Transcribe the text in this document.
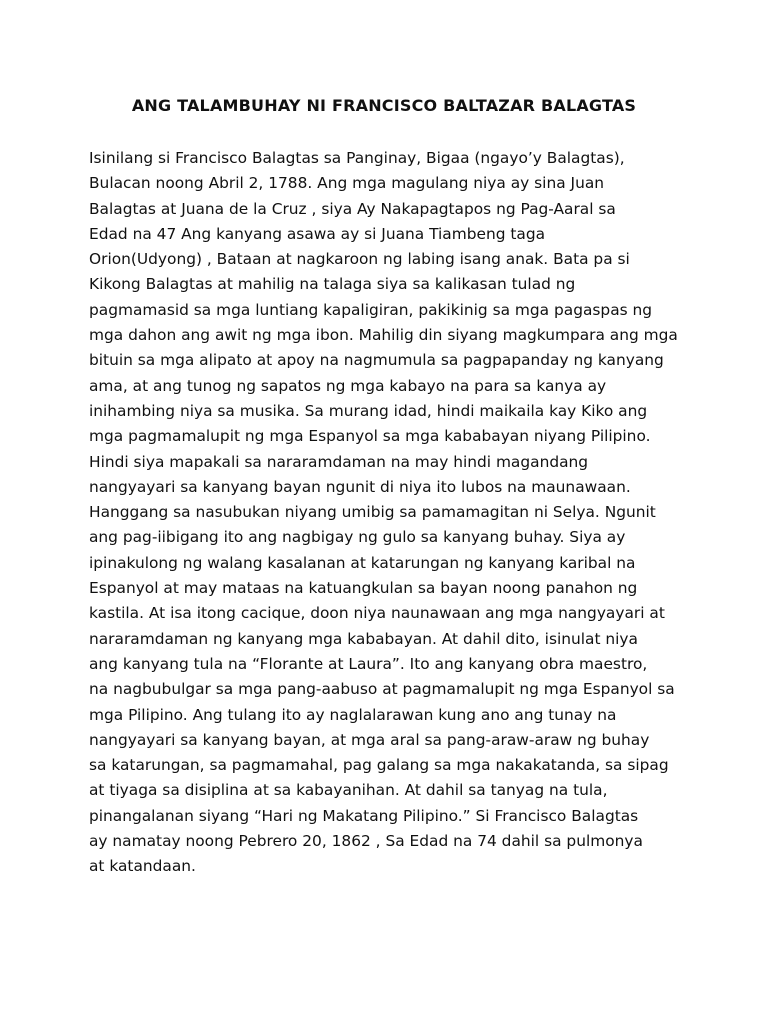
ANG TALAMBUHAY NI FRANCISCO BALTAZAR BALAGTAS
Isinilang si Francisco Balagtas sa Panginay, Bigaa (ngayo’y Balagtas),
Bulacan noong Abril 2, 1788. Ang mga magulang niya ay sina Juan
Balagtas at Juana de la Cruz , siya Ay Nakapagtapos ng Pag-Aaral sa
Edad na 47 Ang kanyang asawa ay si Juana Tiambeng taga
Orion(Udyong) , Bataan at nagkaroon ng labing isang anak. Bata pa si
Kikong Balagtas at mahilig na talaga siya sa kalikasan tulad ng
pagmamasid sa mga luntiang kapaligiran, pakikinig sa mga pagaspas ng
mga dahon ang awit ng mga ibon. Mahilig din siyang magkumpara ang mga
bituin sa mga alipato at apoy na nagmumula sa pagpapanday ng kanyang
ama, at ang tunog ng sapatos ng mga kabayo na para sa kanya ay
inihambing niya sa musika. Sa murang idad, hindi maikaila kay Kiko ang
mga pagmamalupit ng mga Espanyol sa mga kababayan niyang Pilipino.
Hindi siya mapakali sa nararamdaman na may hindi magandang
nangyayari sa kanyang bayan ngunit di niya ito lubos na maunawaan.
Hanggang sa nasubukan niyang umibig sa pamamagitan ni Selya. Ngunit
ang pag-iibigang ito ang nagbigay ng gulo sa kanyang buhay. Siya ay
ipinakulong ng walang kasalanan at katarungan ng kanyang karibal na
Espanyol at may mataas na katuangkulan sa bayan noong panahon ng
kastila. At isa itong cacique, doon niya naunawaan ang mga nangyayari at
nararamdaman ng kanyang mga kababayan. At dahil dito, isinulat niya
ang kanyang tula na “Florante at Laura”. Ito ang kanyang obra maestro,
na nagbubulgar sa mga pang-aabuso at pagmamalupit ng mga Espanyol sa
mga Pilipino. Ang tulang ito ay naglalarawan kung ano ang tunay na
nangyayari sa kanyang bayan, at mga aral sa pang-araw-araw ng buhay
sa katarungan, sa pagmamahal, pag galang sa mga nakakatanda, sa sipag
at tiyaga sa disiplina at sa kabayanihan. At dahil sa tanyag na tula,
pinangalanan siyang “Hari ng Makatang Pilipino.” Si Francisco Balagtas
ay namatay noong Pebrero 20, 1862 , Sa Edad na 74 dahil sa pulmonya
at katandaan.
